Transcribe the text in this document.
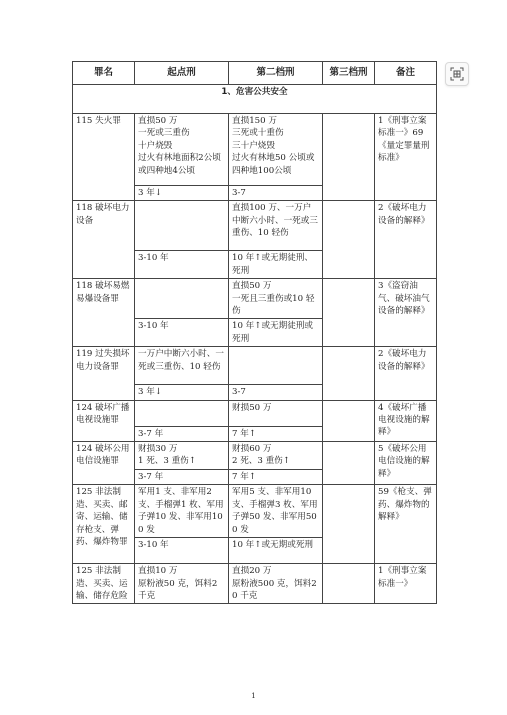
罪名	起点刑	第二档刑	第三档刑	备注
1、危害公共安全				
115 失火罪	直损50 万
一死或三重伤
十户烧毁
过火有林地面积2公顷或四种地4公顷	直损150 万
三死或十重伤
三十户烧毁
过火有林地50 公顷或四种地100公顷		1《刑事立案标准一》69《量定罪量刑标准》
	3 年↓	3-7		
118 破坏电力设备		直损100 万、一万户中断六小时、一死或三重伤、10 轻伤		2《破坏电力设备的解释》
	3-10 年	10 年↑或无期徒刑、死刑		
118 破坏易燃易爆设备罪		直损50 万
一死且三重伤或10 轻伤		3《盗窃油气、破坏油气设备的解释》
	3-10 年	10 年↑或无期徒刑或死刑		
119 过失损坏电力设备罪	一万户中断六小时、一死或三重伤、10 轻伤			2《破坏电力设备的解释》
	3 年↓	3-7		
124 破坏广播电视设施罪		财损50 万		4《破坏广播电视设施的解释》
	3-7 年	7 年↑		
124 破坏公用电信设施罪	财损30 万
1 死、3 重伤↑	财损60 万
2 死、3 重伤↑		5《破坏公用电信设施的解释》
	3-7 年	7 年↑		
125 非法制造、买卖、邮寄、运输、储存枪支、弹药、爆炸物罪	军用1 支、非军用2 支、手榴弹1 枚、军用子弹10 发、非军用100 发	军用5 支、非军用10 支、手榴弹3 枚、军用子弹50 发、非军用500 发		59《枪支、弹药、爆炸物的解释》
	3-10 年	10 年↑或无期或死刑		
125 非法制造、买卖、运输、储存危险	直损10 万
原粉液50 克，饵料2 千克	直损20 万
原粉液500 克，饵料20 千克		1《刑事立案标准一》
1
